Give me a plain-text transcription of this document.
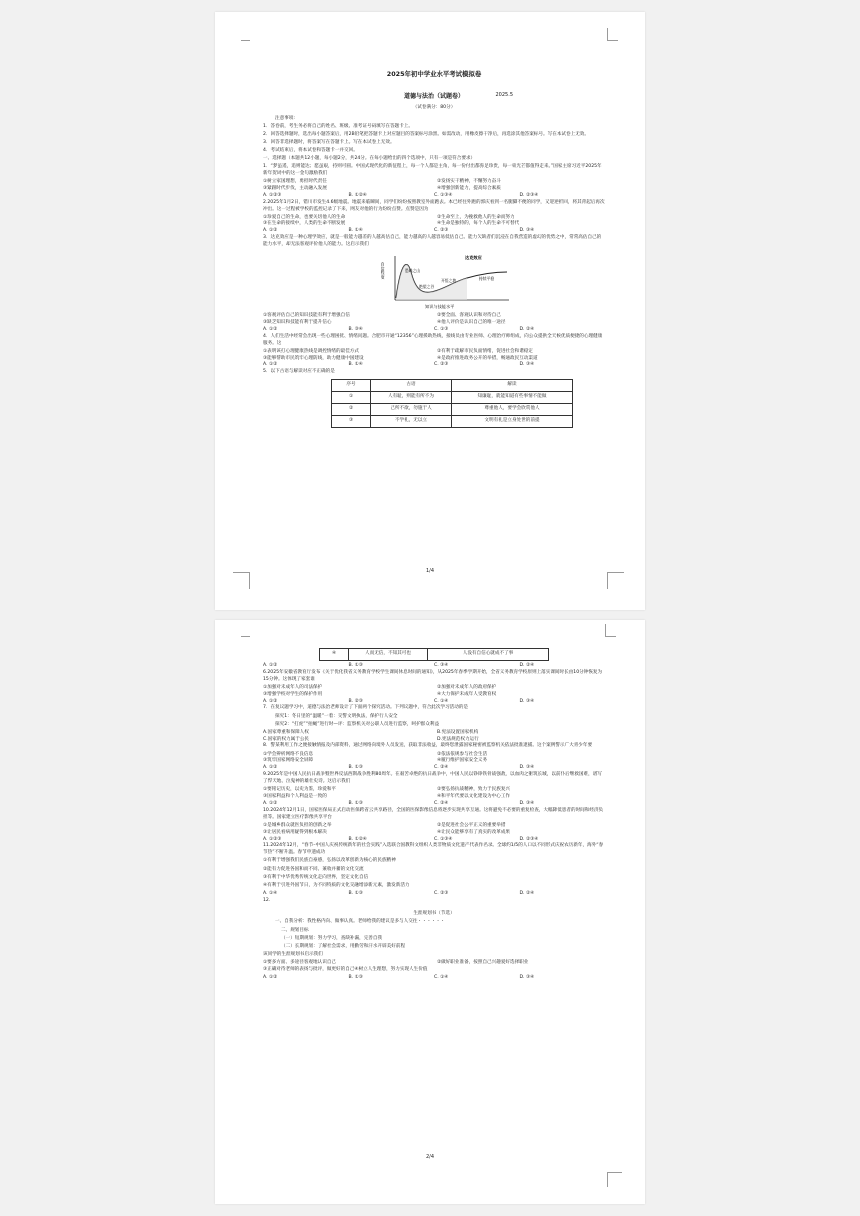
2025年初中学业水平考试模拟卷
道德与法治（试题卷）	2025.5
（试卷满分：80分）
注意事项:
1．答卷前，考生务必将自己的姓名、班级、准考证号码填写在答题卡上。
2．回答选择题时，选出每小题答案后，用2B铅笔把答题卡上对应题目的答案标号涂黑。如需改动，用橡皮擦干净后，再选涂其他答案标号。写在本试卷上无效。
3．回答非选择题时，将答案写在答题卡上。写在本试卷上无效。
4．考试结束后，将本试卷和答题卡一并交回。
一、选择题（本题共12小题，每小题2分，共24分。在每小题给出的四个选项中，只有一项是符合要求）
1．“梦虽遥，追则能达；愿虽艰，持则可圆。中国式现代化的新征程上，每一个人都是主角，每一份付出都弥足珍贵，每一束光芒都值得走来。”国家主席习近平2025年新年贺词中的这一金句激励我们
①树立家国理想，勇担时代责任	②发扬实干精神，不懈努力奋斗
③紧跟时代步伐，主动融入发展	④增强创新能力，提高综合素质
A. ①②③	B. ①②④	C. ①③④	D. ②③④
2.2025年1月2日，错川市发生4.6级地震。地震来临瞬间，同学们纷纷按照教室外面跑去。本已经往外跑的郭庆看到一名腿脚不便的同学，又迎逆折回，将其背起后再次冲出。这一过程被学校的监控记录了下来，网友对他的行为纷纷点赞。点赞是因为
①珍爱自己的生命，也要关切他人的生命	②生命至上，为挽救他人的生命而努力
③在生命的接续中，人类的生命不断发展	④生命是独特的，每个人的生命不可替代
A. ①②	B. ①④	C. ②③	D. ③④
3．达克效应是一种心理学效应，就是一般能力越差的人越高估自己，能力越高的人越容易低估自己。能力欠缺者们沉浸在自我营造的虚幻的优势之中，常常高估自己的能力水平，却无法客观评价他人的能力。这启示我们
自信程度
知识与技能水平
达克效应
愚昧之山
绝望之谷
开悟之坡	持续平稳
①客观评估自己的知识技能有利于增强自信	②要全面、客观认识和对待自己
③缺乏知识和技能有利于提升信心	④他人评价是认识自己的唯一途径
A. ①②	B. ③④	C. ①③	D. ②④
4．人们生活中经常会出现一些心理困扰、情绪问题。合肥市开通“12356”心理援助热线，接线员由专业医师、心理治疗师组成，向公众提供全天候优质便捷的心理健康服务。这
①表明该打心理健康热线是调控情绪的最佳方式	②有利于疏解市民负面情绪，促进社会和谐稳定
③能够帮助市民筑牢心理防线，助力健康中国建设	④是政府推进政务公开的举措，畅通政民互动渠道
A. ①②	B. ①④	C. ②③	D. ③④
5．以下古语与解读对应不正确的是
序号	古语	解读
①	人有耻，则能有所不为	知廉耻，就能知道有些事情不能做
②	己所不欲，勿施于人	尊重他人，要学会欣赏他人
③	不学礼，无以立	文明有礼是立身处世的前提
1/4
④	人而无信，不知其可也	人没有自信心就成不了事
A. ①②	B. ①③	C. ③④	D. ②④
6.2025年安徽省教育厅发布《关于优化我省义务教育学校学生课间休息时间的通知》，从2025年春季学期开始，全省义务教育学校原则上落实课间时长由10分钟恢复为15分钟。这体现了家套谁
①加强对未成年人的司法保护	②加强对未成年人的政府保护
③增强学校对学生的保护作用	④大力保护未成年人受教育权
A. ①②	B. ②③	C. ①④	D. ③④
7．在复议题学习中，道德与法治老师设计了下面两个探究活动。下列议题中，符合此次学习活动的是
探究1：冬日里的“温暖”一着：交警文明执法，保护行人安全
探究2：“打虎”“拍蝇”进行时—评：监察机关对公职人员进行监察，呵护群众利益
A.国家尊重和保障人权	B.宪法设置国家机构
C.国家的权力属于公民	D.宪法规范权力运行
8．警某利用工作之便接触情报及内部资料，通过网络向境外人员发送，获取非法收益，最终您泄露国家秘密被监察机关依法批准逮捕。这个案例警示广大青少年要
①学会辨析网络不良信息	②依法依规参与社会生活
③筑牢国家网络安全屏障	④履行维护国家安全义务
A. ①②	B. ①③	C. ②④	D. ③④
9.2025年是中国人民抗日战争暨世界反法西斯战争胜利80周年。在艰苦卓绝的抗日战争中，中国人民以铮铮铁骨战强敌，以血肉之躯筑长城，以前仆后继救国难，谱写了悍天地、泣鬼神的雄壮史诗。这启示我们
①要铭记历史，以史为鉴，珍爱和平	②要弘扬抗战精神，致力于民族复兴
③国家利益和个人利益是一致的	④和平年代要以文化建设为中心工作
A. ①②	B. ①③	C. ②④	D. ③④
10.2024年12月1日，国家医保局正式启动医保跨省云共享路径，全国的医保影像信息将逐步实现共享互通。这将避免不必要的重复检查，大幅降低患者的时间和经济负担等。国家建立医疗影像共享平台
①是城乡群众就医负担的创新之举	②是促进社会公平正义的重要举措
③让居民看病用疑得到根本解决	④让民众能够享有了真实的改革成果
A. ①②③	B. ①②④	C. ①③④	D. ②③④
11.2024年12月，“春节–中国人庆祝传统新年的社会实践”入选联合国教科文组织人类非物质文化遗产代表作名录。全球约1/5的人口以不同形式庆祝农历新年，海外“春节热”不断升温。春节申遗成功
①有利于增强我们民族自豪感，弘扬以改革创新为核心的民族精神
②能有力促进各国和而不同、兼收并蓄的文化交流
③有利于中华优秀传统文化走向世界，坚定文化自信
④有利于引进外国节日，为不同特质的文化交融增添新元素，激发新活力
A. ①④	B. ①③	C. ②③	D. ②④
12.
生涯规划书（节选）
一、自我分析：我性格内向、做事认真。老师给我的建议是多与人交往・・・・・・
二、规划目标
（一）短期规划：努力学习，查缺补漏，完善自我
（二）长期规划：了解社会需求，用勤劳和汗水开辟美好前程
该同学的生涯规划书启示我们
①要多方面、多途径客观地认识自己	②做好职业准备，按照自己兴趣爱好选择职业
③正确对待老师的表扬与批评，做更好的自己④树立人生理想，努力实现人生价值
A. ①②	B. ①③	C. ①④	D. ③④
2/4
